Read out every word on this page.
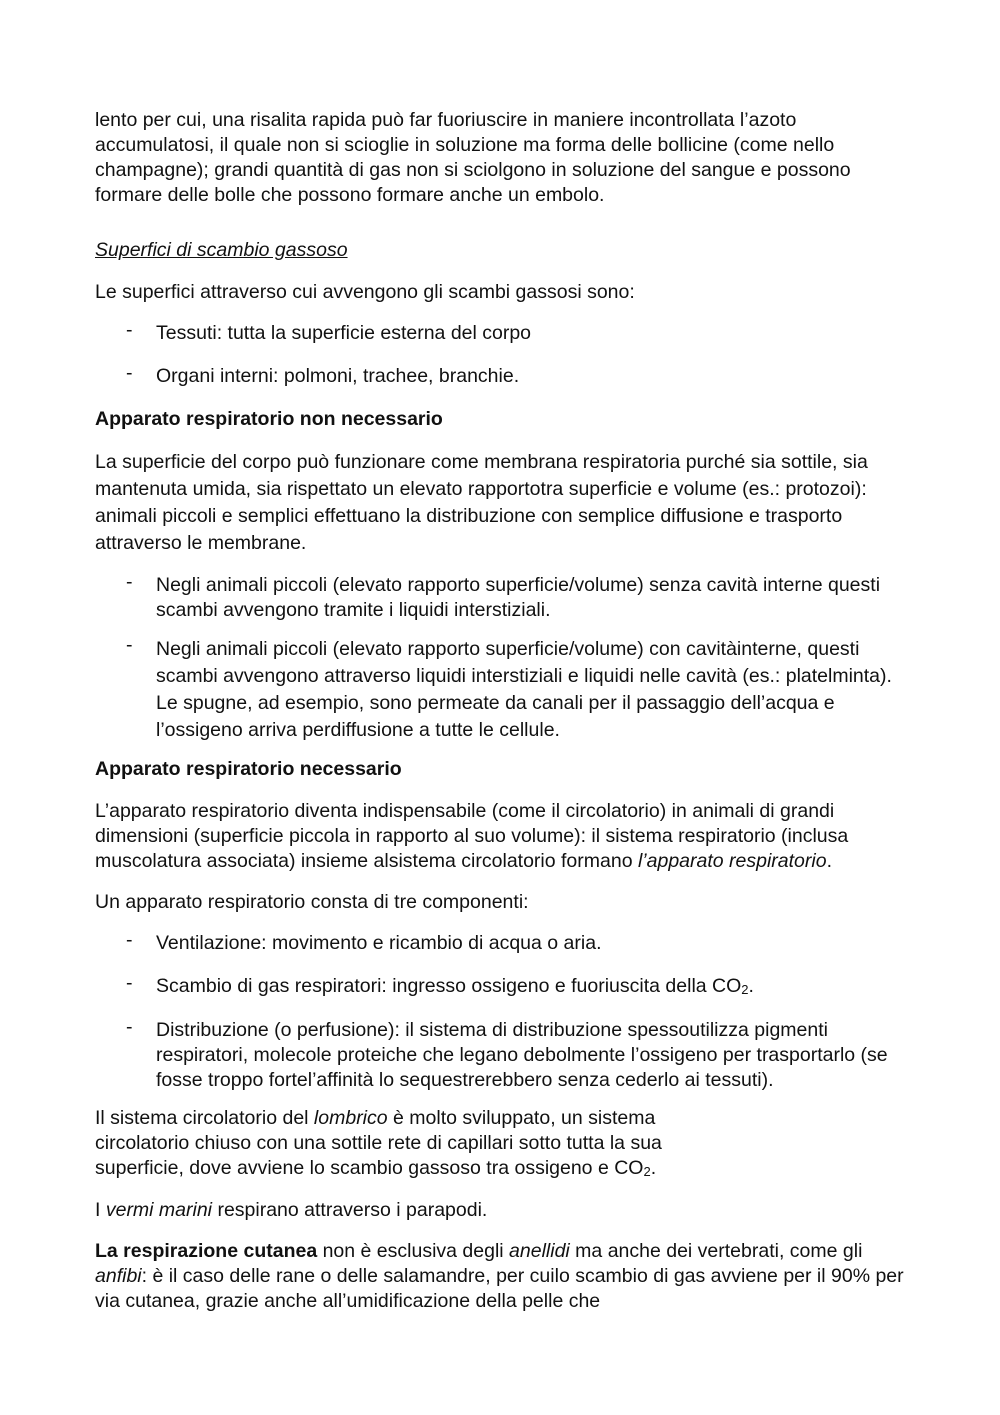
lento per cui, una risalita rapida può far fuoriuscire in maniere incontrollata l’azoto accumulatosi, il quale non si scioglie in soluzione ma forma delle bollicine (come nello champagne); grandi quantità di gas non si sciolgono in soluzione del sangue e possono formare delle bolle che possono formare anche un embolo.

Superfici di scambio gassoso

Le superfici attraverso cui avvengono gli scambi gassosi sono:

- Tessuti: tutta la superficie esterna del corpo
- Organi interni: polmoni, trachee, branchie.

Apparato respiratorio non necessario

La superficie del corpo può funzionare come membrana respiratoria purché sia sottile, sia mantenuta umida, sia rispettato un elevato rapportotra superficie e volume (es.: protozoi): animali piccoli e semplici effettuano la distribuzione con semplice diffusione e trasporto attraverso le membrane.

- Negli animali piccoli (elevato rapporto superficie/volume) senza cavità interne questi scambi avvengono tramite i liquidi interstiziali.
- Negli animali piccoli (elevato rapporto superficie/volume) con cavitàinterne, questi scambi avvengono attraverso liquidi interstiziali e liquidi nelle cavità (es.: platelminta). Le spugne, ad esempio, sono permeate da canali per il passaggio dell’acqua e l’ossigeno arriva perdiffusione a tutte le cellule.

Apparato respiratorio necessario

L’apparato respiratorio diventa indispensabile (come il circolatorio) in animali di grandi dimensioni (superficie piccola in rapporto al suo volume): il sistema respiratorio (inclusa muscolatura associata) insieme alsistema circolatorio formano l’apparato respiratorio.

Un apparato respiratorio consta di tre componenti:

- Ventilazione: movimento e ricambio di acqua o aria.
- Scambio di gas respiratori: ingresso ossigeno e fuoriuscita della $CO_2$.
- Distribuzione (o perfusione): il sistema di distribuzione spessoutilizza pigmenti respiratori, molecole proteiche che legano debolmente l’ossigeno per trasportarlo (se fosse troppo fortel’affinità lo sequestrerebbero senza cederlo ai tessuti).

Il sistema circolatorio del lombrico è molto sviluppato, un sistema circolatorio chiuso con una sottile rete di capillari sotto tutta la sua superficie, dove avviene lo scambio gassoso tra ossigeno e $CO_2$.

I vermi marini respirano attraverso i parapodi.

La respirazione cutanea non è esclusiva degli anellidi ma anche dei vertebrati, come gli anfibi: è il caso delle rane o delle salamandre, per cuilo scambio di gas avviene per il 90% per via cutanea, grazie anche all’umidificazione della pelle che
